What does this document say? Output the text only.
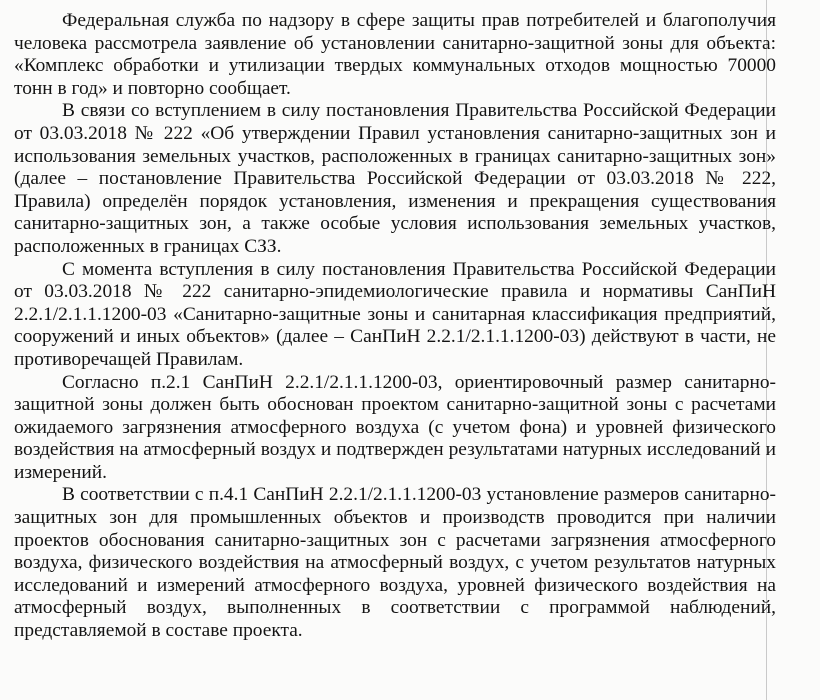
Федеральная служба по надзору в сфере защиты прав потребителей и благополучия человека рассмотрела заявление об установлении санитарно-защитной зоны для объекта: «Комплекс обработки и утилизации твердых коммунальных отходов мощностью 70000 тонн в год» и повторно сообщает.

В связи со вступлением в силу постановления Правительства Российской Федерации от 03.03.2018 № 222 «Об утверждении Правил установления санитарно-защитных зон и использования земельных участков, расположенных в границах санитарно-защитных зон» (далее – постановление Правительства Российской Федерации от 03.03.2018 № 222, Правила) определён порядок установления, изменения и прекращения существования санитарно-защитных зон, а также особые условия использования земельных участков, расположенных в границах СЗЗ.

С момента вступления в силу постановления Правительства Российской Федерации от 03.03.2018 № 222 санитарно-эпидемиологические правила и нормативы СанПиН 2.2.1/2.1.1.1200-03 «Санитарно-защитные зоны и санитарная классификация предприятий, сооружений и иных объектов» (далее – СанПиН 2.2.1/2.1.1.1200-03) действуют в части, не противоречащей Правилам.

Согласно п.2.1 СанПиН 2.2.1/2.1.1.1200-03, ориентировочный размер санитарно-защитной зоны должен быть обоснован проектом санитарно-защитной зоны с расчетами ожидаемого загрязнения атмосферного воздуха (с учетом фона) и уровней физического воздействия на атмосферный воздух и подтвержден результатами натурных исследований и измерений.

В соответствии с п.4.1 СанПиН 2.2.1/2.1.1.1200-03 установление размеров санитарно-защитных зон для промышленных объектов и производств проводится при наличии проектов обоснования санитарно-защитных зон с расчетами загрязнения атмосферного воздуха, физического воздействия на атмосферный воздух, с учетом результатов натурных исследований и измерений атмосферного воздуха, уровней физического воздействия на атмосферный воздух, выполненных в соответствии с программой наблюдений, представляемой в составе проекта.
